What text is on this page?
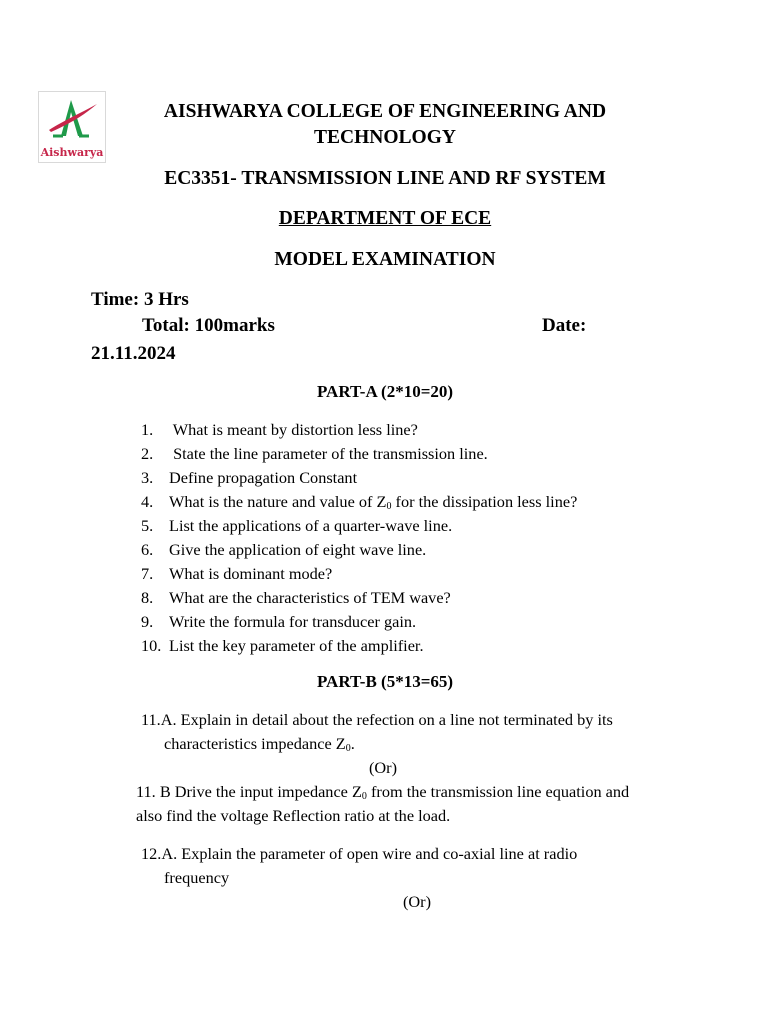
Aishwarya
AISHWARYA COLLEGE OF ENGINEERING AND
TECHNOLOGY
EC3351- TRANSMISSION LINE AND RF SYSTEM
DEPARTMENT OF ECE
MODEL EXAMINATION
Time: 3 Hrs
Total: 100marks	Date:
21.11.2024
PART-A (2*10=20)
1. What is meant by distortion less line?
2. State the line parameter of the transmission line.
3. Define propagation Constant
4. What is the nature and value of $Z_0$ for the dissipation less line?
5. List the applications of a quarter-wave line.
6. Give the application of eight wave line.
7. What is dominant mode?
8. What are the characteristics of TEM wave?
9. Write the formula for transducer gain.
10. List the key parameter of the amplifier.
PART-B (5*13=65)
11.A. Explain in detail about the refection on a line not terminated by its
characteristics impedance $Z_0$.
(Or)
11. B Drive the input impedance $Z_0$ from the transmission line equation and
also find the voltage Reflection ratio at the load.
12.A. Explain the parameter of open wire and co-axial line at radio
frequency
(Or)
